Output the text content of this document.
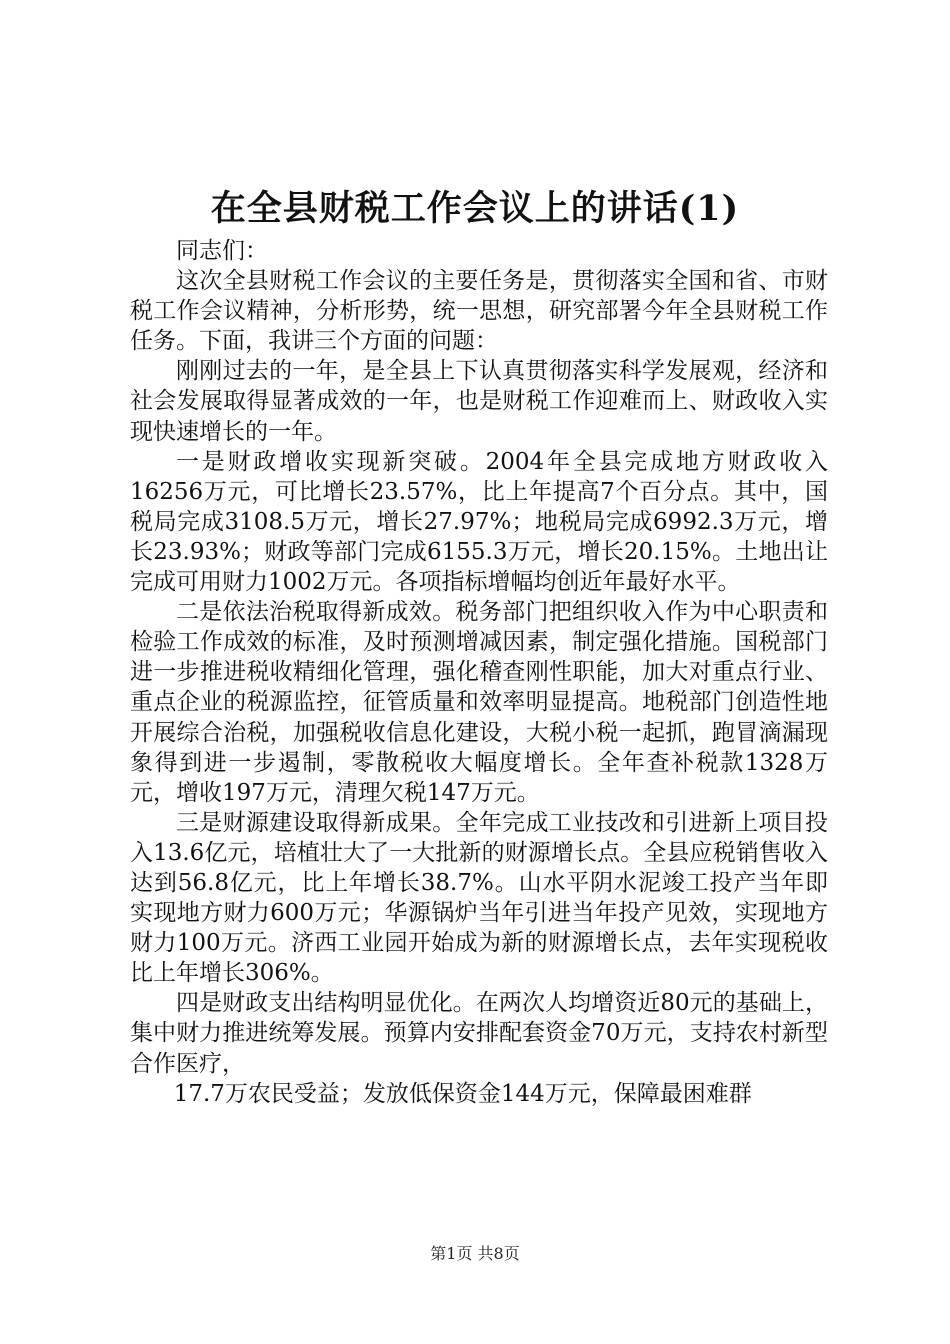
在全县财税工作会议上的讲话(1)

同志们：

这次全县财税工作会议的主要任务是，贯彻落实全国和省、市财税工作会议精神，分析形势，统一思想，研究部署今年全县财税工作任务。下面，我讲三个方面的问题：

刚刚过去的一年，是全县上下认真贯彻落实科学发展观，经济和社会发展取得显著成效的一年，也是财税工作迎难而上、财政收入实现快速增长的一年。

一是财政增收实现新突破。2004年全县完成地方财政收入16256万元，可比增长23.57%，比上年提高7个百分点。其中，国税局完成3108.5万元，增长27.97%；地税局完成6992.3万元，增长23.93%；财政等部门完成6155.3万元，增长20.15%。土地出让完成可用财力1002万元。各项指标增幅均创近年最好水平。

二是依法治税取得新成效。税务部门把组织收入作为中心职责和检验工作成效的标准，及时预测增减因素，制定强化措施。国税部门进一步推进税收精细化管理，强化稽查刚性职能，加大对重点行业、重点企业的税源监控，征管质量和效率明显提高。地税部门创造性地开展综合治税，加强税收信息化建设，大税小税一起抓，跑冒滴漏现象得到进一步遏制，零散税收大幅度增长。全年查补税款1328万元，增收197万元，清理欠税147万元。

三是财源建设取得新成果。全年完成工业技改和引进新上项目投入13.6亿元，培植壮大了一大批新的财源增长点。全县应税销售收入达到56.8亿元，比上年增长38.7%。山水平阴水泥竣工投产当年即实现地方财力600万元；华源锅炉当年引进当年投产见效，实现地方财力100万元。济西工业园开始成为新的财源增长点，去年实现税收比上年增长306%。

四是财政支出结构明显优化。在两次人均增资近80元的基础上，集中财力推进统筹发展。预算内安排配套资金70万元，支持农村新型合作医疗，

17.7万农民受益；发放低保资金144万元，保障最困难群

第1页 共8页
